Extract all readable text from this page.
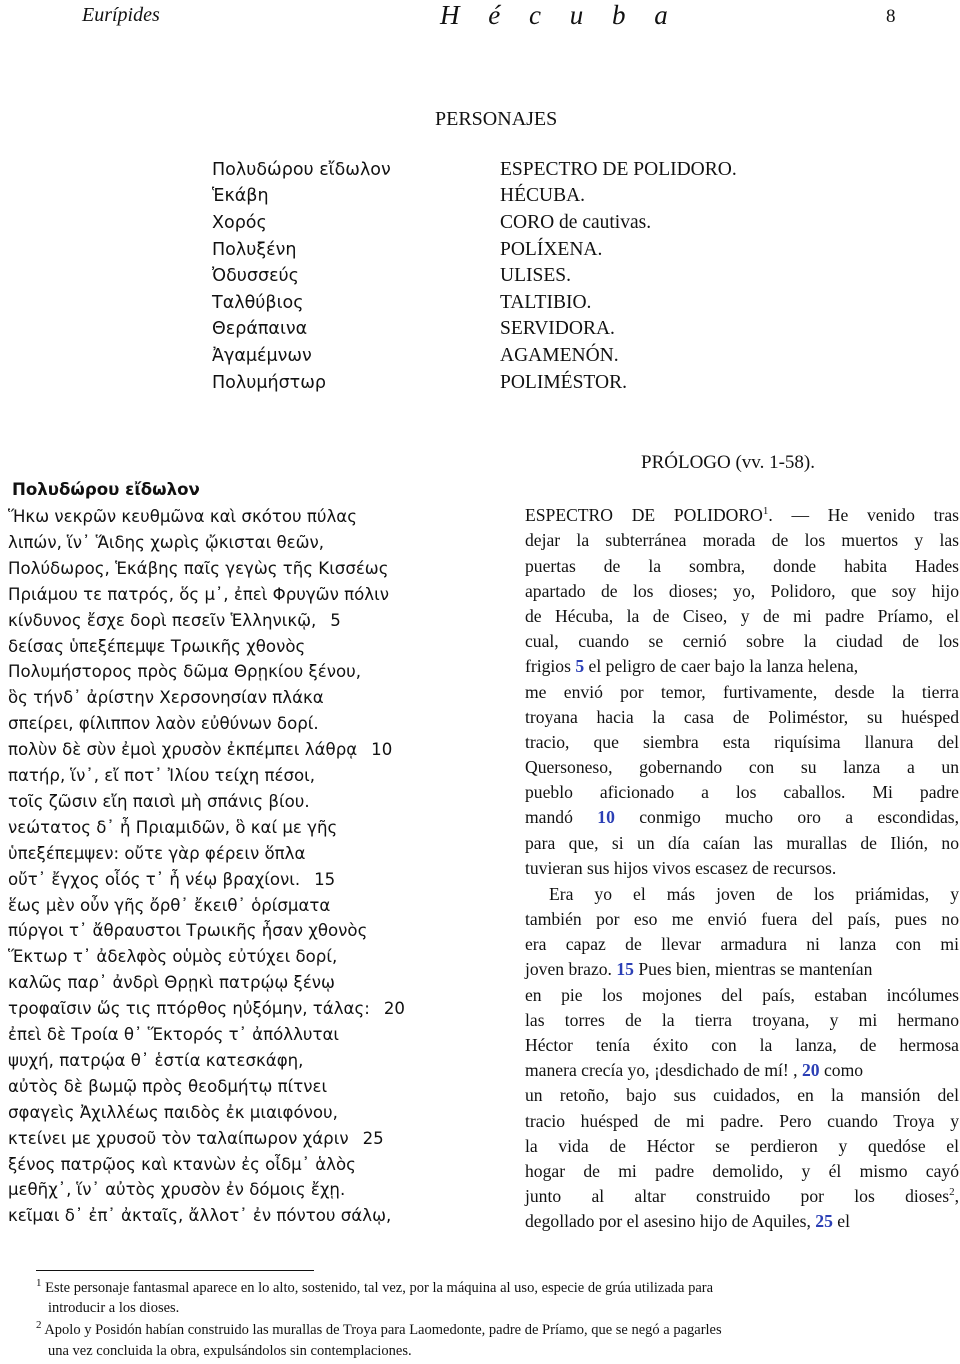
Eurípides	H é c u b a	8
PERSONAJES
Πολυδώρου εἴδωλον
Ἑκάβη
Χορός
Πολυξένη
Ὀδυσσεύς
Ταλθύβιος
Θεράπαινα
Ἀγαμέμνων
Πολυμήστωρ
ESPECTRO DE POLIDORO.
HÉCUBA.
CORO de cautivas.
POLÍXENA.
ULISES.
TALTIBIO.
SERVIDORA.
AGAMENÓN.
POLIMÉSTOR.
Πολυδώρου εἴδωλον
Ἥκω νεκρῶν κευθμῶνα καὶ σκότου πύλας
λιπών, ἵν᾽ Ἅιδης χωρὶς ᾤκισται θεῶν,
Πολύδωρος, Ἑκάβης παῖς γεγὼς τῆς Κισσέως
Πριάμου τε πατρός, ὅς μ᾽, ἐπεὶ Φρυγῶν πόλιν
κίνδυνος ἔσχε δορὶ πεσεῖν Ἑλληνικῷ, 5
δείσας ὑπεξέπεμψε Τρωικῆς χθονὸς
Πολυμήστορος πρὸς δῶμα Θρῃκίου ξένου,
ὃς τήνδ᾽ ἀρίστην Χερσονησίαν πλάκα
σπείρει, φίλιππον λαὸν εὐθύνων δορί.
πολὺν δὲ σὺν ἐμοὶ χρυσὸν ἐκπέμπει λάθρᾳ 10
πατήρ, ἵν᾽, εἴ ποτ᾽ Ἰλίου τείχη πέσοι,
τοῖς ζῶσιν εἴη παισὶ μὴ σπάνις βίου.
νεώτατος δ᾽ ἦ Πριαμιδῶν, ὃ καί με γῆς
ὑπεξέπεμψεν: οὔτε γὰρ φέρειν ὅπλα
οὔτ᾽ ἔγχος οἷός τ᾽ ἦ νέῳ βραχίονι. 15
ἕως μὲν οὖν γῆς ὄρθ᾽ ἔκειθ᾽ ὁρίσματα
πύργοι τ᾽ ἄθραυστοι Τρωικῆς ἦσαν χθονὸς
Ἕκτωρ τ᾽ ἀδελφὸς οὑμὸς εὐτύχει δορί,
καλῶς παρ᾽ ἀνδρὶ Θρῃκὶ πατρῴῳ ξένῳ
τροφαῖσιν ὥς τις πτόρθος ηὐξόμην, τάλας: 20
ἐπεὶ δὲ Τροία θ᾽ Ἕκτορός τ᾽ ἀπόλλυται
ψυχή, πατρῴα θ᾽ ἑστία κατεσκάφη,
αὐτὸς δὲ βωμῷ πρὸς θεοδμήτῳ πίτνει
σφαγεὶς Ἀχιλλέως παιδὸς ἐκ μιαιφόνου,
κτείνει με χρυσοῦ τὸν ταλαίπωρον χάριν 25
ξένος πατρῷος καὶ κτανὼν ἐς οἶδμ᾽ ἁλὸς
μεθῆχ᾽, ἵν᾽ αὐτὸς χρυσὸν ἐν δόμοις ἔχῃ.
κεῖμαι δ᾽ ἐπ᾽ ἀκταῖς, ἄλλοτ᾽ ἐν πόντου σάλῳ,
PRÓLOGO (vv. 1-58).
ESPECTRO DE POLIDORO$^1$. — He venido tras
dejar la subterránea morada de los muertos y las
puertas de la sombra, donde habita Hades
apartado de los dioses; yo, Polidoro, que soy hijo
de Hécuba, la de Ciseo, y de mi padre Príamo, el
cual, cuando se cernió sobre la ciudad de los
frigios 5 el peligro de caer bajo la lanza helena,
me envió por temor, furtivamente, desde la tierra
troyana hacia la casa de Poliméstor, su huésped
tracio, que siembra esta riquísima llanura del
Quersoneso, gobernando con su lanza a un
pueblo aficionado a los caballos. Mi padre
mandó 10 conmigo mucho oro a escondidas,
para que, si un día caían las murallas de Ilión, no
tuvieran sus hijos vivos escasez de recursos.
Era yo el más joven de los priámidas, y
también por eso me envió fuera del país, pues no
era capaz de llevar armadura ni lanza con mi
joven brazo. 15 Pues bien, mientras se mantenían
en pie los mojones del país, estaban incólumes
las torres de la tierra troyana, y mi hermano
Héctor tenía éxito con la lanza, de hermosa
manera crecía yo, ¡desdichado de mí! , 20 como
un retoño, bajo sus cuidados, en la mansión del
tracio huésped de mi padre. Pero cuando Troya y
la vida de Héctor se perdieron y quedóse el
hogar de mi padre demolido, y él mismo cayó
junto al altar construido por los dioses$^2$,
degollado por el asesino hijo de Aquiles, 25 el
$^1$ Este personaje fantasmal aparece en lo alto, sostenido, tal vez, por la máquina al uso, especie de grúa utilizada para
introducir a los dioses.
$^2$ Apolo y Posidón habían construido las murallas de Troya para Laomedonte, padre de Príamo, que se negó a pagarles
una vez concluida la obra, expulsándolos sin contemplaciones.
